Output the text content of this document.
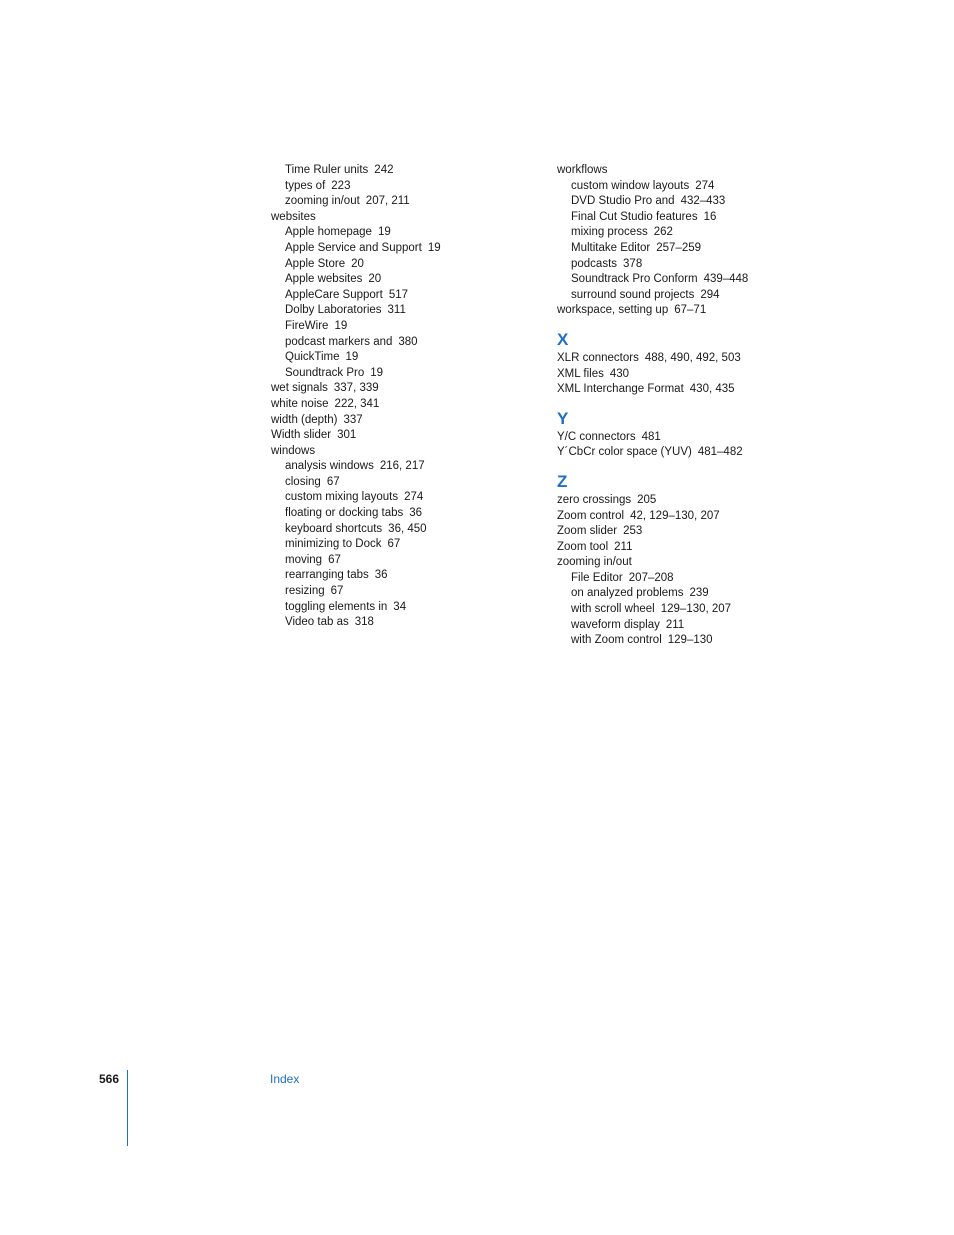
Time Ruler units 242
types of 223
zooming in/out 207, 211
websites
Apple homepage 19
Apple Service and Support 19
Apple Store 20
Apple websites 20
AppleCare Support 517
Dolby Laboratories 311
FireWire 19
podcast markers and 380
QuickTime 19
Soundtrack Pro 19
wet signals 337, 339
white noise 222, 341
width (depth) 337
Width slider 301
windows
analysis windows 216, 217
closing 67
custom mixing layouts 274
floating or docking tabs 36
keyboard shortcuts 36, 450
minimizing to Dock 67
moving 67
rearranging tabs 36
resizing 67
toggling elements in 34
Video tab as 318
workflows
custom window layouts 274
DVD Studio Pro and 432–433
Final Cut Studio features 16
mixing process 262
Multitake Editor 257–259
podcasts 378
Soundtrack Pro Conform 439–448
surround sound projects 294
workspace, setting up 67–71
X
XLR connectors 488, 490, 492, 503
XML files 430
XML Interchange Format 430, 435
Y
Y/C connectors 481
Y´CbCr color space (YUV) 481–482
Z
zero crossings 205
Zoom control 42, 129–130, 207
Zoom slider 253
Zoom tool 211
zooming in/out
File Editor 207–208
on analyzed problems 239
with scroll wheel 129–130, 207
waveform display 211
with Zoom control 129–130
566	Index
